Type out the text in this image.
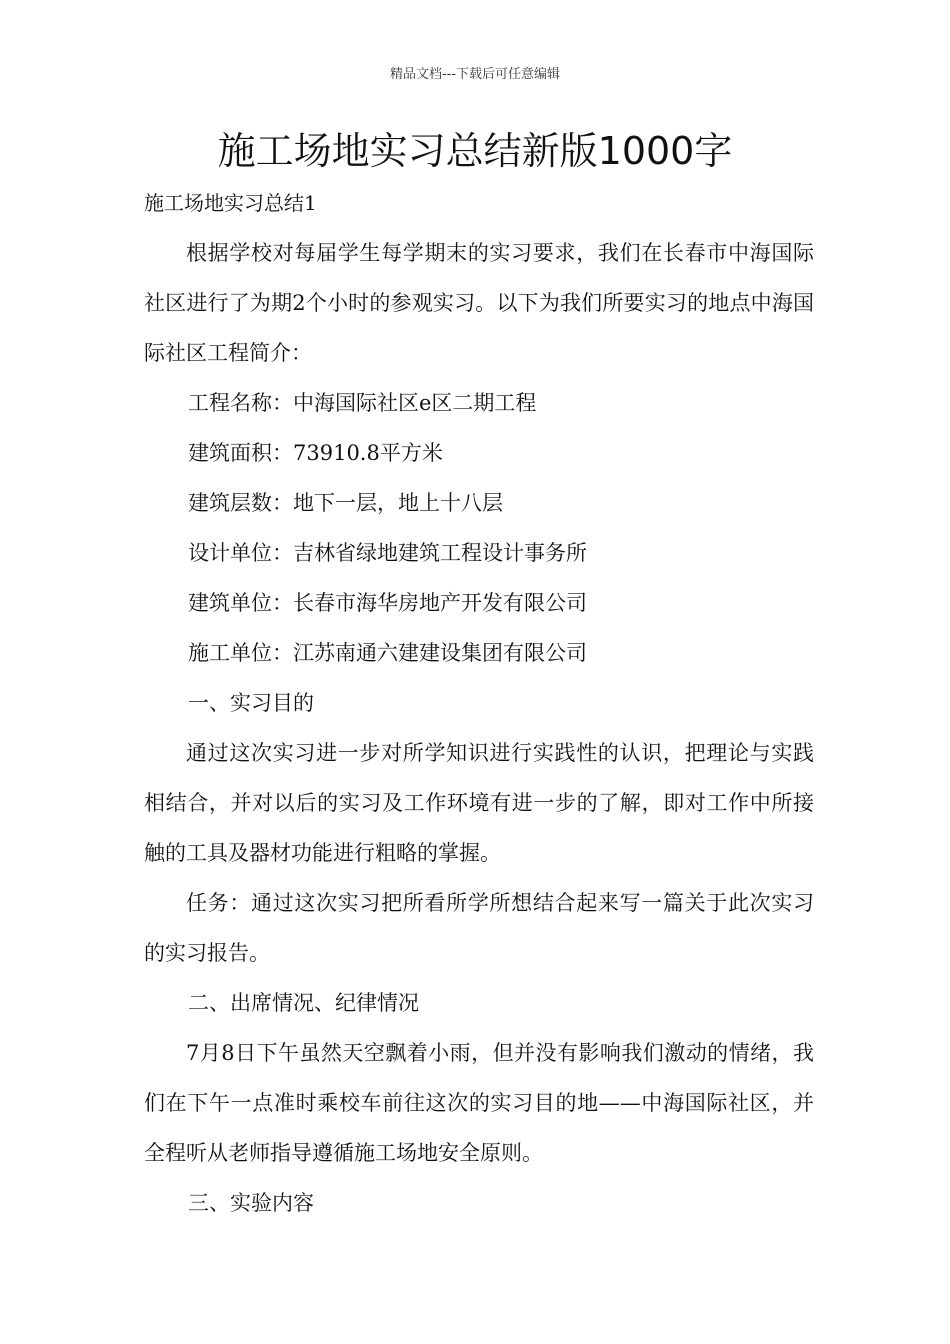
精品文档---下载后可任意编辑
施工场地实习总结新版1000字

施工场地实习总结1

根据学校对每届学生每学期末的实习要求，我们在长春市中海国际社区进行了为期2个小时的参观实习。以下为我们所要实习的地点中海国际社区工程简介：

工程名称：中海国际社区e区二期工程

建筑面积：73910.8平方米

建筑层数：地下一层，地上十八层

设计单位：吉林省绿地建筑工程设计事务所

建筑单位：长春市海华房地产开发有限公司

施工单位：江苏南通六建建设集团有限公司

一、实习目的

通过这次实习进一步对所学知识进行实践性的认识，把理论与实践相结合，并对以后的实习及工作环境有进一步的了解，即对工作中所接触的工具及器材功能进行粗略的掌握。

任务：通过这次实习把所看所学所想结合起来写一篇关于此次实习的实习报告。

二、出席情况、纪律情况

7月8日下午虽然天空飘着小雨，但并没有影响我们激动的情绪，我们在下午一点准时乘校车前往这次的实习目的地——中海国际社区，并全程听从老师指导遵循施工场地安全原则。

三、实验内容
